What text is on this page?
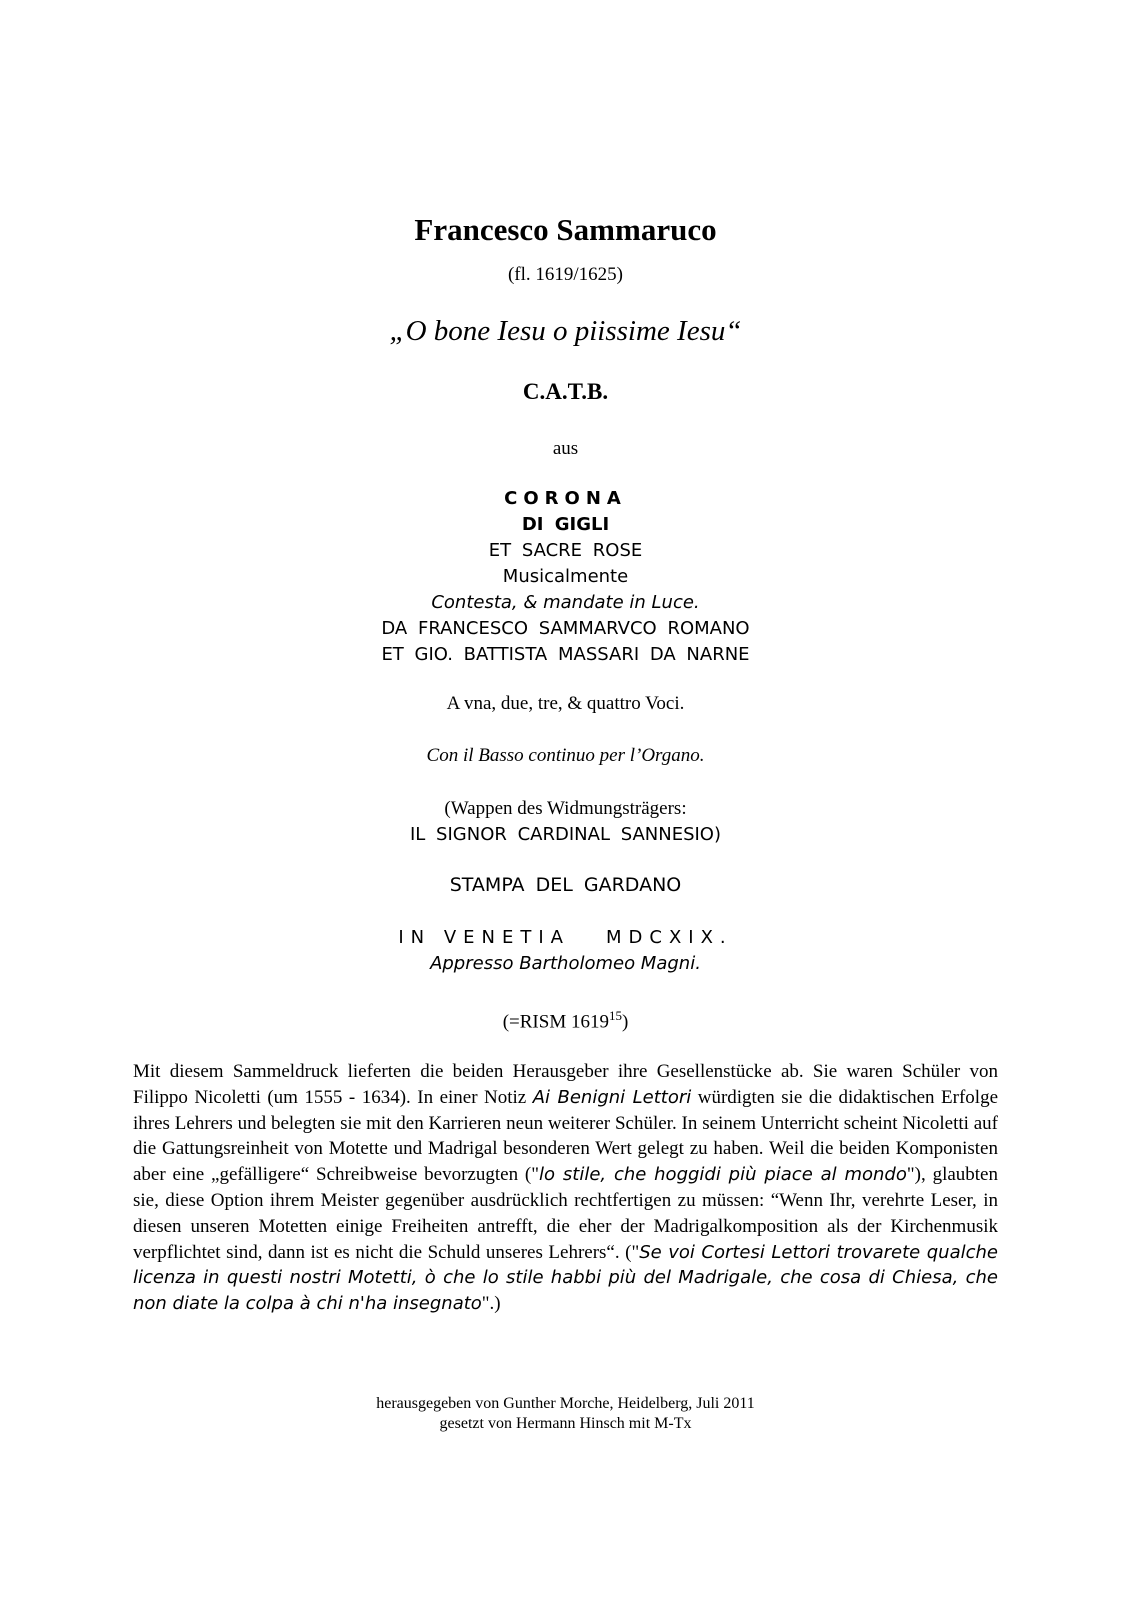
Francesco Sammaruco
(fl. 1619/1625)
„O bone Iesu o piissime Iesu“
C.A.T.B.
aus
CORONA
DI GIGLI
ET SACRE ROSE
Musicalmente
Contesta, & mandate in Luce.
DA FRANCESCO SAMMARVCO ROMANO
ET GIO. BATTISTA MASSARI DA NARNE
A vna, due, tre, & quattro Voci.
Con il Basso continuo per l’Organo.
(Wappen des Widmungsträgers:
IL SIGNOR CARDINAL SANNESIO)
STAMPA DEL GARDANO
IN VENETIA MDCXIX.
Appresso Bartholomeo Magni.
(=RISM 1619$^{15}$)
Mit diesem Sammeldruck lieferten die beiden Herausgeber ihre Gesellenstücke ab. Sie waren Schüler von Filippo Nicoletti (um 1555 - 1634). In einer Notiz Ai Benigni Lettori würdigten sie die didaktischen Erfolge ihres Lehrers und belegten sie mit den Karrieren neun weiterer Schüler. In seinem Unterricht scheint Nicoletti auf die Gattungsreinheit von Motette und Madrigal besonderen Wert gelegt zu haben. Weil die beiden Komponisten aber eine „gefälligere“ Schreibweise bevorzugten ("lo stile, che hoggidi più piace al mondo"), glaubten sie, diese Option ihrem Meister gegenüber ausdrücklich rechtfertigen zu müssen: “Wenn Ihr, verehrte Leser, in diesen unseren Motetten einige Freiheiten antrefft, die eher der Madrigalkomposition als der Kirchenmusik verpflichtet sind, dann ist es nicht die Schuld unseres Lehrers“. ("Se voi Cortesi Lettori trovarete qualche licenza in questi nostri Motetti, ò che lo stile habbi più del Madrigale, che cosa di Chiesa, che non diate la colpa à chi n'ha insegnato".)
herausgegeben von Gunther Morche, Heidelberg, Juli 2011
gesetzt von Hermann Hinsch mit M-Tx
